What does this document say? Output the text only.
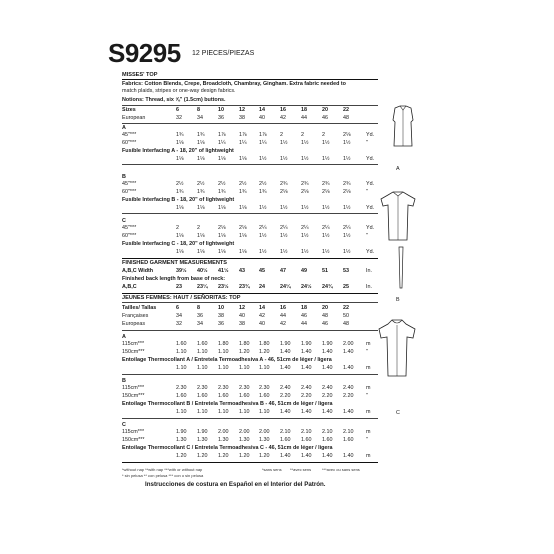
S9295 12 PIECES/PIEZAS
MISSES' TOP
Fabrics: Cotton Blends, Crepe, Broadcloth, Chambray, Gingham. Extra fabric needed to
match plaids, stripes or one-way design fabrics.
Notions: Thread, six ⅝" (1.5cm) buttons.
Sizes	6	8	10	12	14	16	18	20	22
European	32	34	36	38	40	42	44	46	48
A
45"***	1¾	1¾	1⅞	1⅞ 1⅞	2	2	2	2⅛	Yd.
60"***	1⅛	1⅛	1¼	1¼ 1¼	1½	1½	1½	1½	"
Fusible Interfacing A - 18, 20" of lightweight
1⅛	1⅛	1⅛	1⅛ 1½	1½	1½	1½	1½	Yd.
B
45"***	2½	2½	2½	2½ 2½	2¾	2¾	2¾	2¾	Yd.
60"***	1¾	1¾	1¾	1¾ 1¾	2⅛	2⅛	2⅛	2⅛	"
Fusible Interfacing B - 18, 20" of lightweight
1⅛	1⅛	1⅛	1⅛ 1½	1½	1½	1½	1½	Yd.
C
45"***	2	2	2⅛	2⅛ 2¼	2¼	2¼	2¼	2¼	Yd.
60"***	1⅛	1⅛	1⅛	1⅛ 1½	1½	1½	1½	1½	"
Fusible Interfacing C - 18, 20" of lightweight
1⅛	1⅛	1⅛	1⅛ 1½	1½	1½	1½	1½	Yd.
FINISHED GARMENT MEASUREMENTS
A,B,C Width	39½ 40½ 41½ 43	45	47	49	51	53	In.
Finished back length from base of neck:
A,B,C	23	23¼ 23½ 23¾ 24	24¼ 24½ 24¾ 25	In.
JEUNES FEMMES: HAUT / SEÑORITAS: TOP
Tailles/ Tallas	6	8	10	12	14	16	18	20	22
Françaises	34	36	38	40	42	44	46	48	50
Europeas	32	34	36	38	40	42	44	46	48
A
115cm***	1.60 1.60 1.80 1.80 1.80 1.90 1.90 1.90 2.00 m
150cm***	1.10 1.10 1.10 1.20 1.20 1.40 1.40 1.40 1.40 "
Entoilage Thermocollant A / Entretela Termoadhesiva A - 46, 51cm de léger / ligera
1.10 1.10 1.10 1.10 1.10 1.40 1.40 1.40 1.40 m
B
115cm***	2.30 2.30 2.30 2.30 2.30 2.40 2.40 2.40 2.40 m
150cm***	1.60 1.60 1.60 1.60 1.60 2.20 2.20 2.20 2.20 "
Entoilage Thermocollant B / Entretela Termoadhesiva B - 46, 51cm de léger / ligera
1.10 1.10 1.10 1.10 1.10 1.40 1.40 1.40 1.40 m
C
115cm***	1.90 1.90 2.00 2.00 2.00 2.10 2.10 2.10 2.10 m
150cm***	1.30 1.30 1.30 1.30 1.30 1.60 1.60 1.60 1.60 "
Entoilage Thermocollant C / Entretela Termoadhesiva C - 46, 51cm de léger / ligera
1.20 1.20 1.20 1.20 1.20 1.40 1.40 1.40 1.40 m
*without nap **with nap ***with or without nap
* sin pelusa ** con pelusa *** con o sin pelusa
*sans sens **avec sens	***avec ou sans sens
Instrucciones de costura en Español en el Interior del Patrón.
A
B
C
